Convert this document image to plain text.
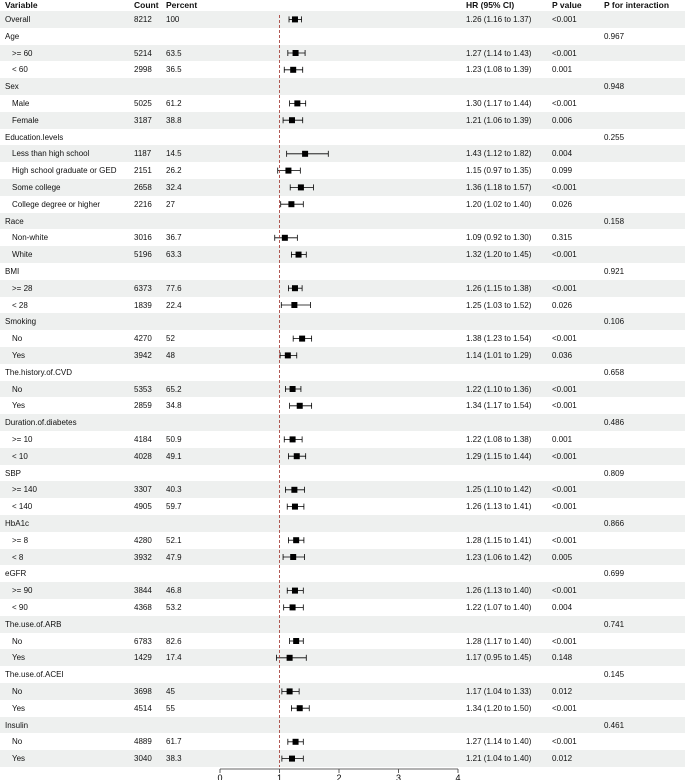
Variable	Count Percent	HR (95% CI)	P value	P for interaction
Overall	8212 100	1.26 (1.16 to 1.37)	<0.001
Age	0.967
>= 60	5214 63.5	1.27 (1.14 to 1.43)	<0.001
< 60	2998 36.5	1.23 (1.08 to 1.39)	0.001
Sex	0.948
Male	5025 61.2	1.30 (1.17 to 1.44)	<0.001
Female	3187 38.8	1.21 (1.06 to 1.39)	0.006
Education.levels	0.255
Less than high school	1187 14.5	1.43 (1.12 to 1.82)	0.004
High school graduate or GED 2151 26.2	1.15 (0.97 to 1.35)	0.099
Some college	2658 32.4	1.36 (1.18 to 1.57)	<0.001
College degree or higher	2216 27	1.20 (1.02 to 1.40)	0.026
Race	0.158
Non-white	3016 36.7	1.09 (0.92 to 1.30)	0.315
White	5196 63.3	1.32 (1.20 to 1.45)	<0.001
BMI	0.921
>= 28	6373 77.6	1.26 (1.15 to 1.38)	<0.001
< 28	1839 22.4	1.25 (1.03 to 1.52)	0.026
Smoking	0.106
No	4270 52	1.38 (1.23 to 1.54)	<0.001
Yes	3942 48	1.14 (1.01 to 1.29)	0.036
The.history.of.CVD	0.658
No	5353 65.2	1.22 (1.10 to 1.36)	<0.001
Yes	2859 34.8	1.34 (1.17 to 1.54)	<0.001
Duration.of.diabetes	0.486
>= 10	4184 50.9	1.22 (1.08 to 1.38)	0.001
< 10	4028 49.1	1.29 (1.15 to 1.44)	<0.001
SBP	0.809
>= 140	3307 40.3	1.25 (1.10 to 1.42)	<0.001
< 140	4905 59.7	1.26 (1.13 to 1.41)	<0.001
HbA1c	0.866
>= 8	4280 52.1	1.28 (1.15 to 1.41)	<0.001
< 8	3932 47.9	1.23 (1.06 to 1.42)	0.005
eGFR	0.699
>= 90	3844 46.8	1.26 (1.13 to 1.40)	<0.001
< 90	4368 53.2	1.22 (1.07 to 1.40)	0.004
The.use.of.ARB	0.741
No	6783 82.6	1.28 (1.17 to 1.40)	<0.001
Yes	1429 17.4	1.17 (0.95 to 1.45)	0.148
The.use.of.ACEI	0.145
No	3698 45	1.17 (1.04 to 1.33)	0.012
Yes	4514 55	1.34 (1.20 to 1.50)	<0.001
Insulin	0.461
No	4889 61.7	1.27 (1.14 to 1.40)	<0.001
Yes	3040 38.3	1.21 (1.04 to 1.40)	0.012
0	1	2	3	4
